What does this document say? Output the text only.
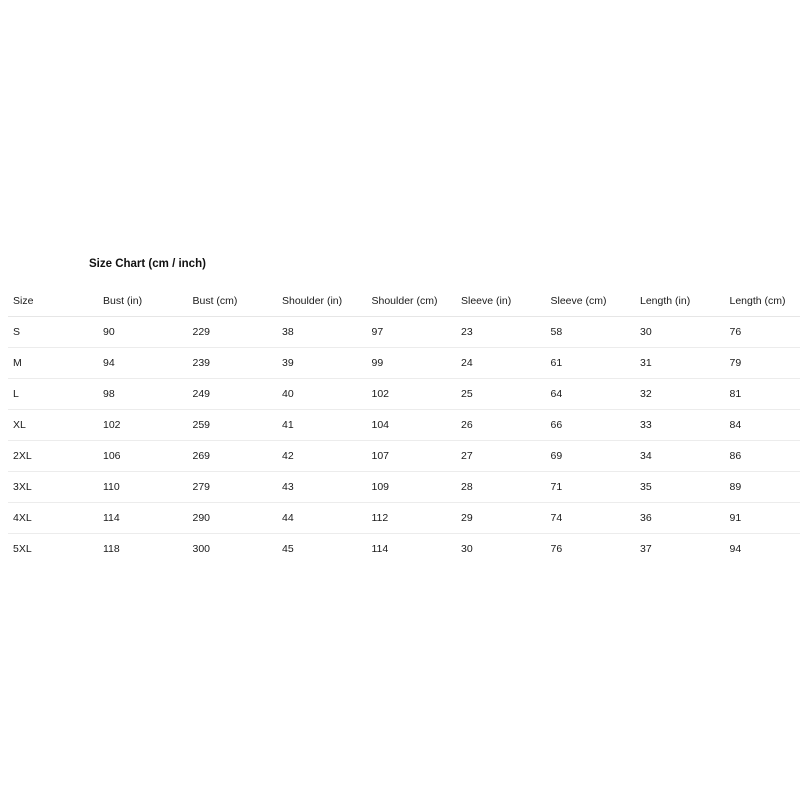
Size Chart (cm / inch)
Size	Bust (in)	Bust (cm)	Shoulder (in)	Shoulder (cm)	Sleeve (in)	Sleeve (cm)	Length (in)	Length (cm)
S	90	229	38	97	23	58	30	76
M	94	239	39	99	24	61	31	79
L	98	249	40	102	25	64	32	81
XL	102	259	41	104	26	66	33	84
2XL	106	269	42	107	27	69	34	86
3XL	110	279	43	109	28	71	35	89
4XL	114	290	44	112	29	74	36	91
5XL	118	300	45	114	30	76	37	94
